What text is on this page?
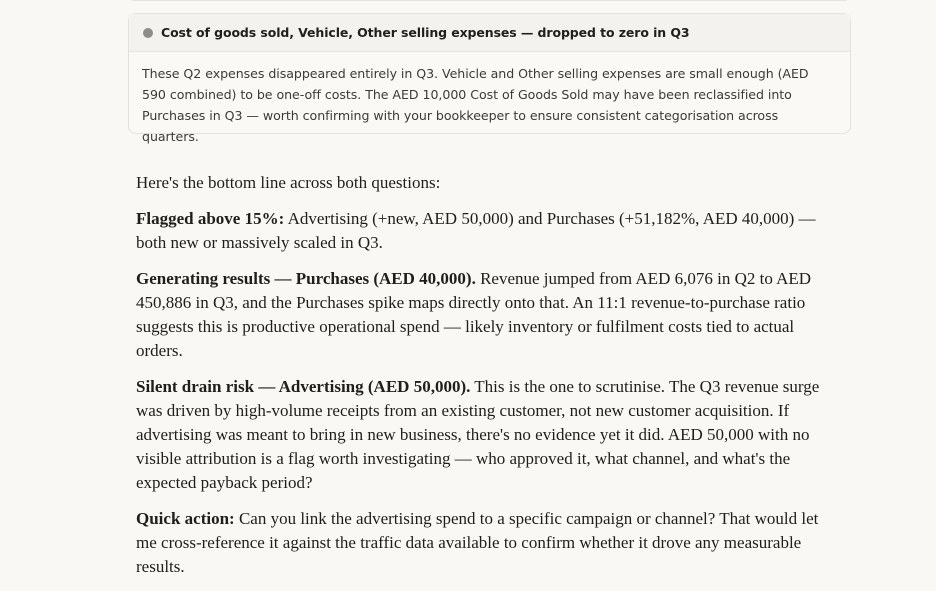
Cost of goods sold, Vehicle, Other selling expenses — dropped to zero in Q3
These Q2 expenses disappeared entirely in Q3. Vehicle and Other selling expenses are small enough (AED 590 combined) to be one-off costs. The AED 10,000 Cost of Goods Sold may have been reclassified into Purchases in Q3 — worth confirming with your bookkeeper to ensure consistent categorisation across quarters.

Here's the bottom line across both questions:

Flagged above 15%: Advertising (+new, AED 50,000) and Purchases (+51,182%, AED 40,000) — both new or massively scaled in Q3.

Generating results — Purchases (AED 40,000). Revenue jumped from AED 6,076 in Q2 to AED 450,886 in Q3, and the Purchases spike maps directly onto that. An 11:1 revenue-to-purchase ratio suggests this is productive operational spend — likely inventory or fulfilment costs tied to actual orders.

Silent drain risk — Advertising (AED 50,000). This is the one to scrutinise. The Q3 revenue surge was driven by high-volume receipts from an existing customer, not new customer acquisition. If advertising was meant to bring in new business, there's no evidence yet it did. AED 50,000 with no visible attribution is a flag worth investigating — who approved it, what channel, and what's the expected payback period?

Quick action: Can you link the advertising spend to a specific campaign or channel? That would let me cross-reference it against the traffic data available to confirm whether it drove any measurable results.
